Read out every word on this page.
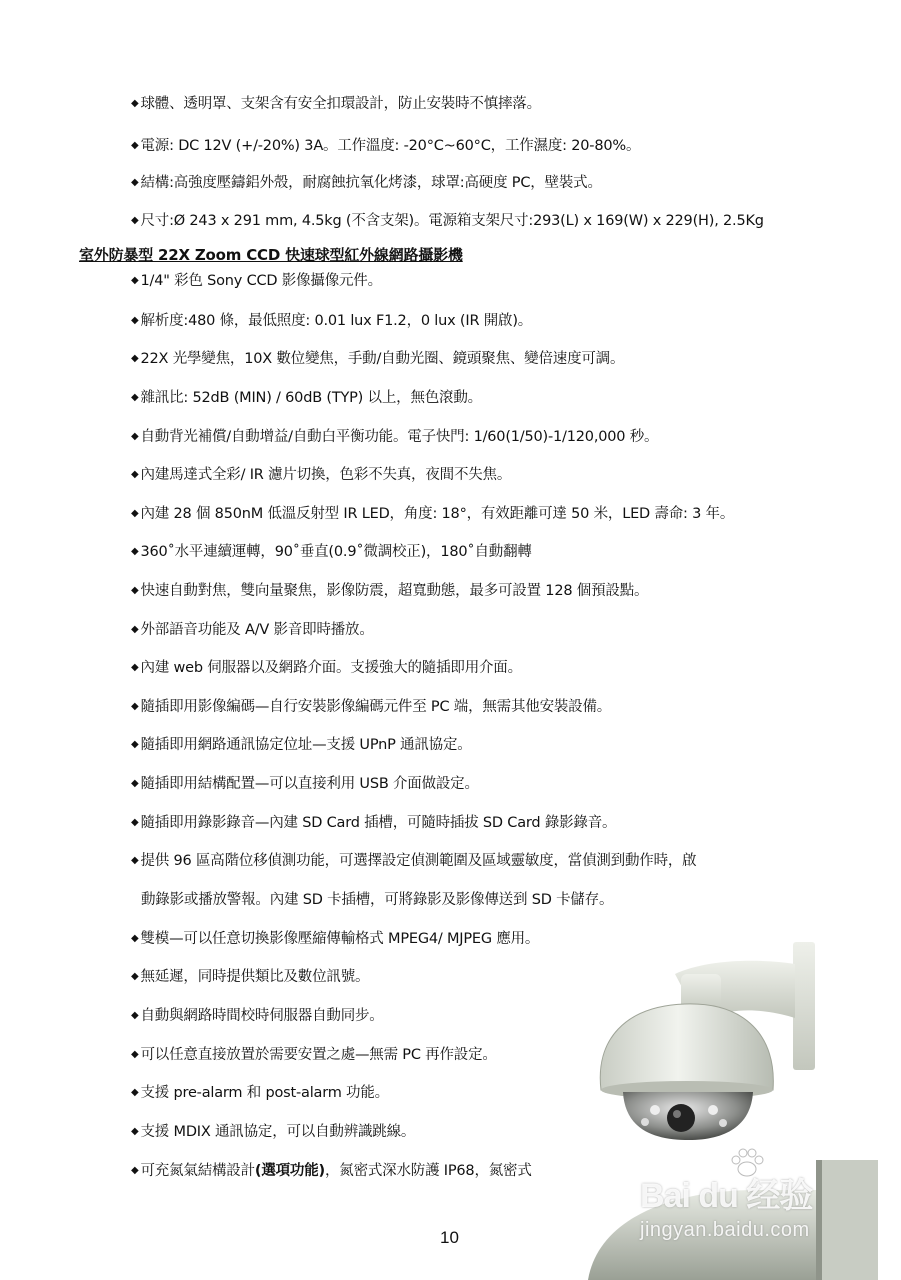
◆ 球體、透明罩、支架含有安全扣環設計，防止安裝時不慎摔落。
◆ 電源: DC 12V (+/-20%) 3A。工作溫度: -20°C~60°C，工作濕度: 20-80%。
◆ 結構:高強度壓鑄鋁外殼，耐腐蝕抗氧化烤漆，球罩:高硬度 PC，壁裝式。
◆ 尺寸:Ø 243 x 291 mm, 4.5kg (不含支架)。電源箱支架尺寸:293(L) x 169(W) x 229(H), 2.5Kg
室外防暴型 22X Zoom CCD 快速球型紅外線網路攝影機
◆ 1/4" 彩色 Sony CCD 影像攝像元件。
◆ 解析度:480 條，最低照度: 0.01 lux F1.2，0 lux (IR 開啟)。
◆ 22X 光學變焦，10X 數位變焦，手動/自動光圈、鏡頭聚焦、變倍速度可調。
◆ 雜訊比: 52dB (MIN) / 60dB (TYP) 以上，無色滾動。
◆ 自動背光補償/自動增益/自動白平衡功能。電子快門: 1/60(1/50)-1/120,000 秒。
◆ 內建馬達式全彩/ IR 濾片切換，色彩不失真，夜間不失焦。
◆ 內建 28 個 850nM 低溫反射型 IR LED，角度: 18°，有效距離可達 50 米，LED 壽命: 3 年。
◆ 360˚水平連續運轉，90˚垂直(0.9˚微調校正)，180˚自動翻轉
◆ 快速自動對焦，雙向量聚焦，影像防震，超寬動態，最多可設置 128 個預設點。
◆ 外部語音功能及 A/V 影音即時播放。
◆ 內建 web 伺服器以及網路介面。支援強大的隨插即用介面。
◆ 隨插即用影像編碼—自行安裝影像編碼元件至 PC 端，無需其他安裝設備。
◆ 隨插即用網路通訊協定位址—支援 UPnP 通訊協定。
◆ 隨插即用結構配置—可以直接利用 USB 介面做設定。
◆ 隨插即用錄影錄音—內建 SD Card 插槽，可隨時插拔 SD Card 錄影錄音。
◆ 提供 96 區高階位移偵測功能，可選擇設定偵測範圍及區域靈敏度，當偵測到動作時，啟
動錄影或播放警報。內建 SD 卡插槽，可將錄影及影像傳送到 SD 卡儲存。
◆ 雙模—可以任意切換影像壓縮傳輸格式 MPEG4/ MJPEG 應用。
◆ 無延遲，同時提供類比及數位訊號。
◆ 自動與網路時間校時伺服器自動同步。
◆ 可以任意直接放置於需要安置之處—無需 PC 再作設定。
◆ 支援 pre-alarm 和 post-alarm 功能。
◆ 支援 MDIX 通訊協定，可以自動辨識跳線。
◆ 可充氮氣結構設計(選項功能)，氮密式深水防護 IP68，氮密式
Bai du 经验
jingyan.baidu.com
10
